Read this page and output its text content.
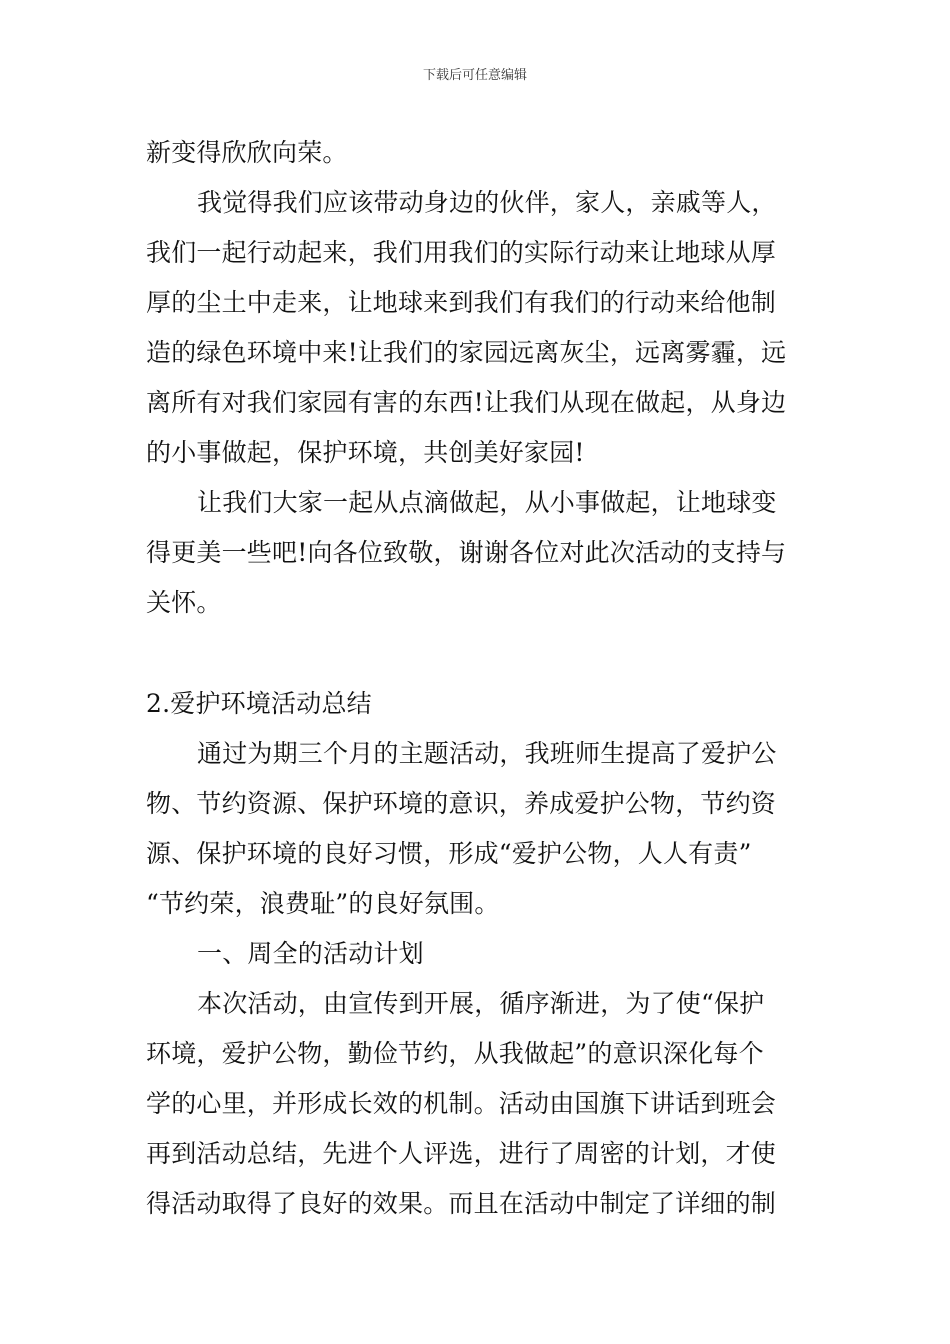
下载后可任意编辑
新变得欣欣向荣。
我觉得我们应该带动身边的伙伴，家人，亲戚等人，
我们一起行动起来，我们用我们的实际行动来让地球从厚
厚的尘土中走来，让地球来到我们有我们的行动来给他制
造的绿色环境中来!让我们的家园远离灰尘，远离雾霾，远
离所有对我们家园有害的东西!让我们从现在做起，从身边
的小事做起，保护环境，共创美好家园!
让我们大家一起从点滴做起，从小事做起，让地球变
得更美一些吧!向各位致敬，谢谢各位对此次活动的支持与
关怀。
2.爱护环境活动总结
通过为期三个月的主题活动，我班师生提高了爱护公
物、节约资源、保护环境的意识，养成爱护公物，节约资
源、保护环境的良好习惯，形成“爱护公物，人人有责”
“节约荣，浪费耻”的良好氛围。
一、周全的活动计划
本次活动，由宣传到开展，循序渐进，为了使“保护
环境，爱护公物，勤俭节约，从我做起”的意识深化每个
学的心里，并形成长效的机制。活动由国旗下讲话到班会
再到活动总结，先进个人评选，进行了周密的计划，才使
得活动取得了良好的效果。而且在活动中制定了详细的制
